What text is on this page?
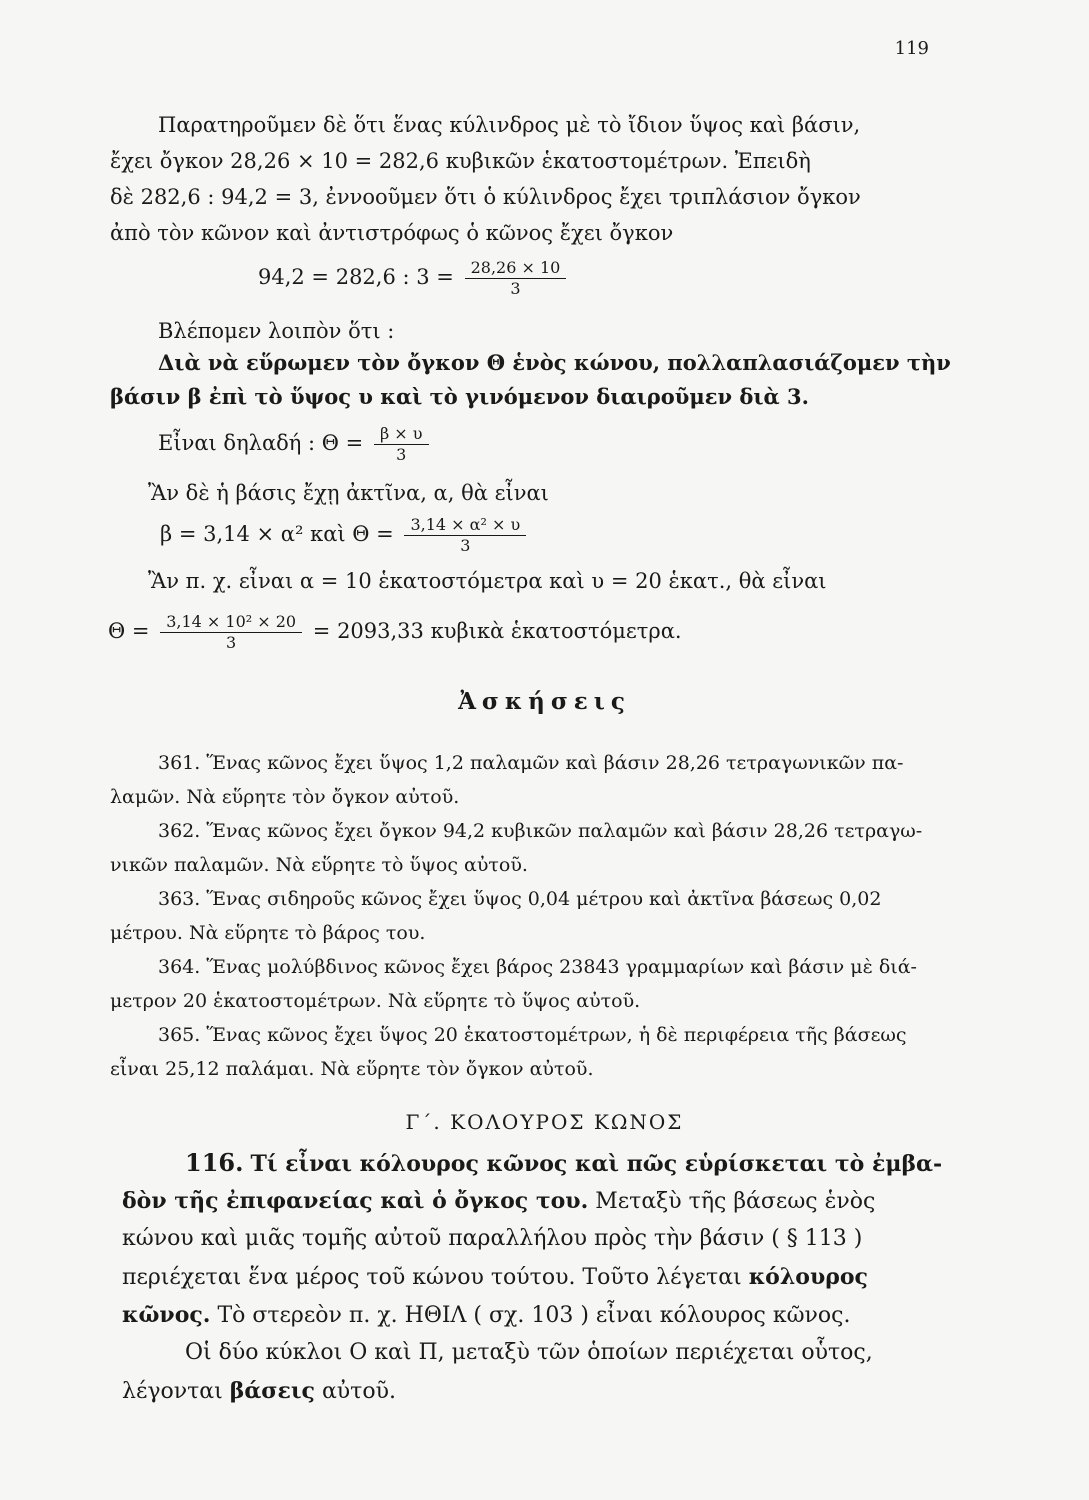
119
Παρατηροῦμεν δὲ ὅτι ἕνας κύλινδρος μὲ τὸ ἴδιον ὕψος καὶ βάσιν,
ἔχει ὄγκον 28,26 × 10 = 282,6 κυβικῶν ἑκατοστομέτρων. Ἐπειδὴ
δὲ 282,6 : 94,2 = 3, ἐννοοῦμεν ὅτι ὁ κύλινδρος ἔχει τριπλάσιον ὄγκον
ἀπὸ τὸν κῶνον καὶ ἀντιστρόφως ὁ κῶνος ἔχει ὄγκον
94,2 = 282,6 : $3 = \frac{28,26 \times 10}{3}$
Βλέπομεν λοιπὸν ὅτι :
Διὰ νὰ εὕρωμεν τὸν ὄγκον Θ ἑνὸς κώνου, πολλαπλασιάζομεν τὴν
βάσιν β ἐπὶ τὸ ὕψος υ καὶ τὸ γινόμενον διαιροῦμεν διὰ 3.
Εἶναι δηλαδή : $\Theta = \frac{\beta \times \upsilon}{3}$
Ἂν δὲ ἡ βάσις ἔχῃ ἀκτῖνα, α, θὰ εἶναι
β = 3,14 × α² καὶ $\Theta = \frac{\text{3,14 × α² × υ}}{3}$
Ἂν π. χ. εἶναι α = 10 ἑκατοστόμετρα καὶ υ = 20 ἑκατ., θὰ εἶναι
$\Theta = \frac{\text{3,14 × 10² × 20}}{3} = 2093,33$ κυβικὰ ἑκατοστόμετρα.
Ἀσκήσεις
361. Ἕνας κῶνος ἔχει ὕψος 1,2 παλαμῶν καὶ βάσιν 28,26 τετραγωνικῶν πα-
λαμῶν. Νὰ εὕρητε τὸν ὄγκον αὐτοῦ.
362. Ἕνας κῶνος ἔχει ὄγκον 94,2 κυβικῶν παλαμῶν καὶ βάσιν 28,26 τετραγω-
νικῶν παλαμῶν. Νὰ εὕρητε τὸ ὕψος αὐτοῦ.
363. Ἕνας σιδηροῦς κῶνος ἔχει ὕψος 0,04 μέτρου καὶ ἀκτῖνα βάσεως 0,02
μέτρου. Νὰ εὕρητε τὸ βάρος του.
364. Ἕνας μολύβδινος κῶνος ἔχει βάρος 23843 γραμμαρίων καὶ βάσιν μὲ διά-
μετρον 20 ἑκατοστομέτρων. Νὰ εὕρητε τὸ ὕψος αὐτοῦ.
365. Ἕνας κῶνος ἔχει ὕψος 20 ἑκατοστομέτρων, ἡ δὲ περιφέρεια τῆς βάσεως
εἶναι 25,12 παλάμαι. Νὰ εὕρητε τὸν ὄγκον αὐτοῦ.
Γ΄. ΚΟΛΟΥΡΟΣ ΚΩΝΟΣ
116. Τί εἶναι κόλουρος κῶνος καὶ πῶς εὑρίσκεται τὸ ἐμβα-
δὸν τῆς ἐπιφανείας καὶ ὁ ὄγκος του. Μεταξὺ τῆς βάσεως ἑνὸς
κώνου καὶ μιᾶς τομῆς αὐτοῦ παραλλήλου πρὸς τὴν βάσιν ( § 113 )
περιέχεται ἕνα μέρος τοῦ κώνου τούτου. Τοῦτο λέγεται κόλουρος
κῶνος. Τὸ στερεὸν π. χ. ΗΘΙΛ ( σχ. 103 ) εἶναι κόλουρος κῶνος.
Οἱ δύο κύκλοι Ο καὶ Π, μεταξὺ τῶν ὁποίων περιέχεται οὗτος,
λέγονται βάσεις αὐτοῦ.
